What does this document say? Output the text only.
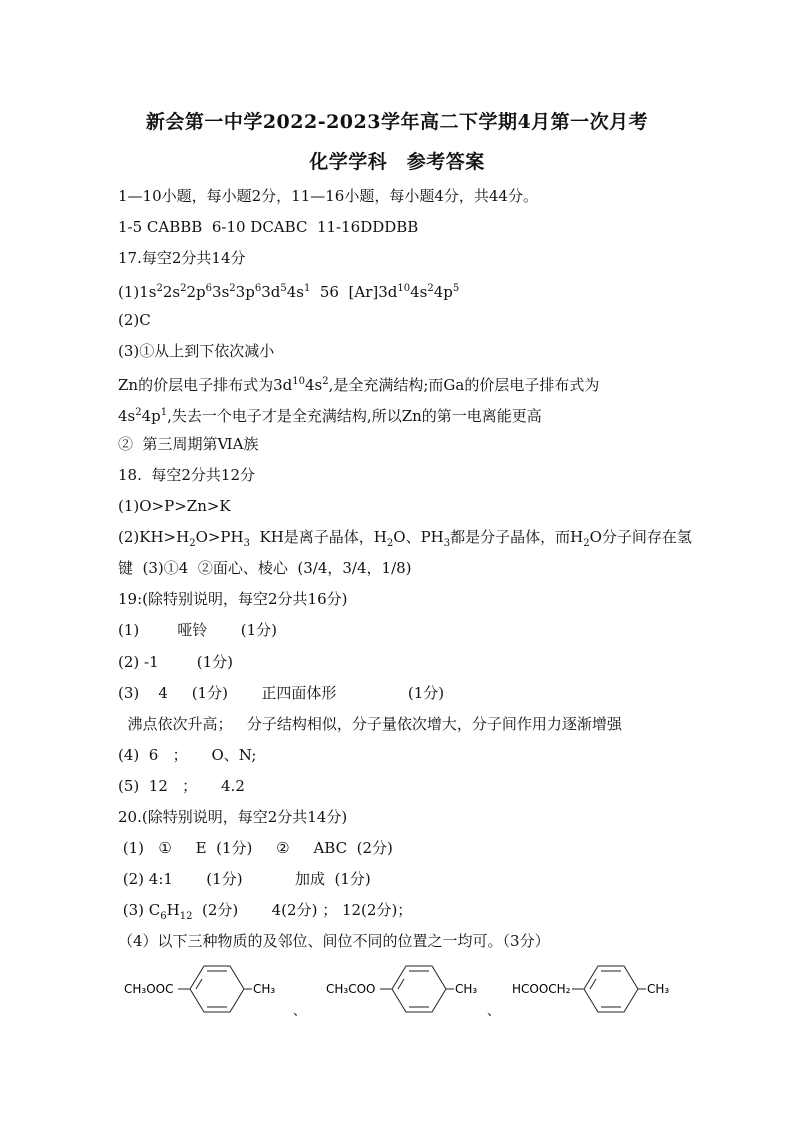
新会第一中学2022-2023学年高二下学期4月第一次月考
化学学科　参考答案
1—10小题，每小题2分，11—16小题，每小题4分，共44分。
1-5 CABBB  6-10 DCABC  11-16DDDBB
17.每空2分共14分
$(1)1s^22s^22p^63s^23p^63d^54s^1$  56  $[Ar]3d^{10}4s^24p^5$
(2)C
(3)①从上到下依次减小
Zn的价层电子排布式为$3d^{10}4s^2$,是全充满结构;而Ga的价层电子排布式为
$4s^24p^1$,失去一个电子才是全充满结构,所以Zn的第一电离能更高
②  第三周期第ⅥA族
18.  每空2分共12分
(1)O>P>Zn>K
$(2)KH>H_2O>PH_3$  KH是离子晶体，$H_2O$、$PH_3$都是分子晶体，而$H_2O$分子间存在氢
键  (3)①4  ②面心、棱心  (3/4，3/4，1/8)
19:(除特别说明，每空2分共16分)
(1)        哑铃       (1分)
(2) -1        (1分)
(3)    4     (1分)       正四面体形               (1分)
沸点依次升高；   分子结构相似，分子量依次增大，分子间作用力逐渐增强
(4)  6   ；     O、N;
(5)  12   ；     4.2
20.(除特别说明，每空2分共14分)
(1)   ①     E  (1分)     ②     ABC  (2分)
(2) 4:1       (1分)           加成  (1分)
(3) $C_6H_{12}$  (2分)       4(2分) ； 12(2分)；
（4）以下三种物质的及邻位、间位不同的位置之一均可。（3分）
CH₃OOC	CH₃
、
CH₃COO	CH₃
、
HCOOCH₂	CH₃
